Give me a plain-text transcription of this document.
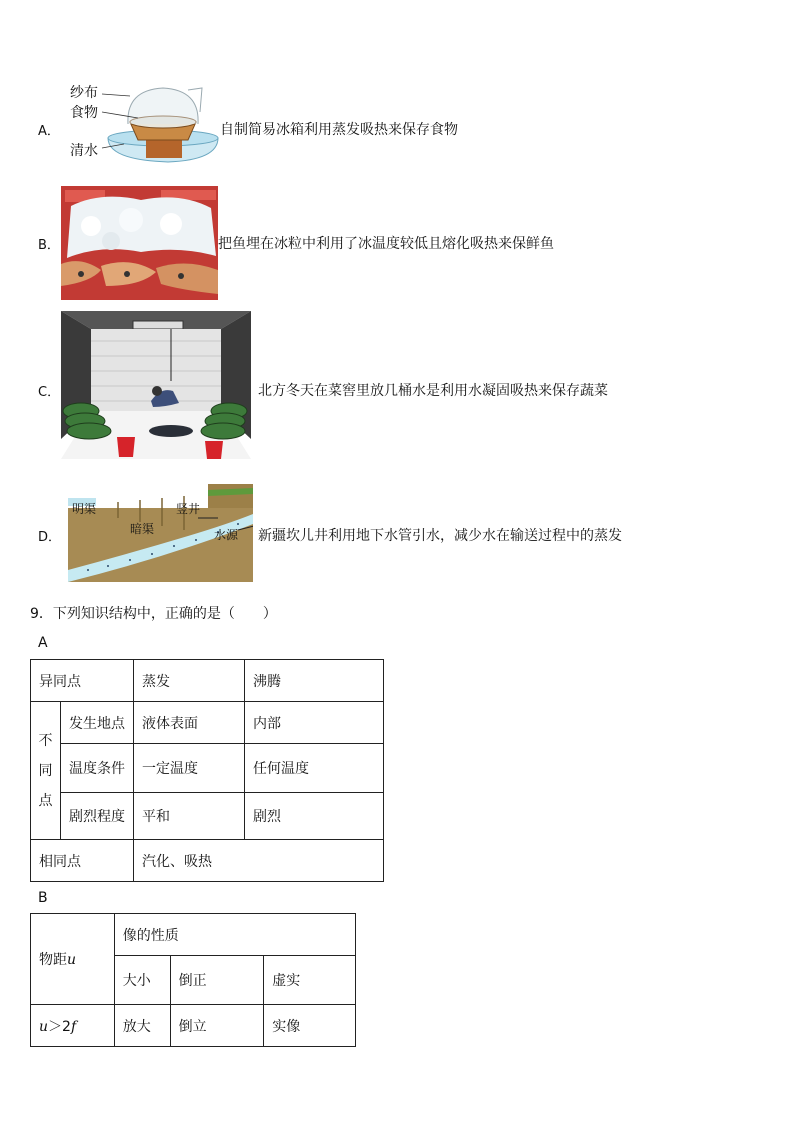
A．
纱布
食物
清水
自制简易冰箱利用蒸发吸热来保存食物
B．	把鱼埋在冰粒中利用了冰温度较低且熔化吸热来保鲜鱼
C．	北方冬天在菜窖里放几桶水是利用水凝固吸热来保存蔬菜
D．
明渠	竖井
暗渠	水源 新疆坎儿井利用地下水管引水，减少水在输送过程中的蒸发
9．下列知识结构中，正确的是（　　）
A
异同点		蒸发	沸腾

不
同
点	发生地点	液体表面	内部
	温度条件	一定温度	任何温度
	剧烈程度	平和	剧烈
相同点		汽化、吸热	
B
物距u	像的性质		
	大小	倒正	虚实
u＞2f	放大	倒立	实像
